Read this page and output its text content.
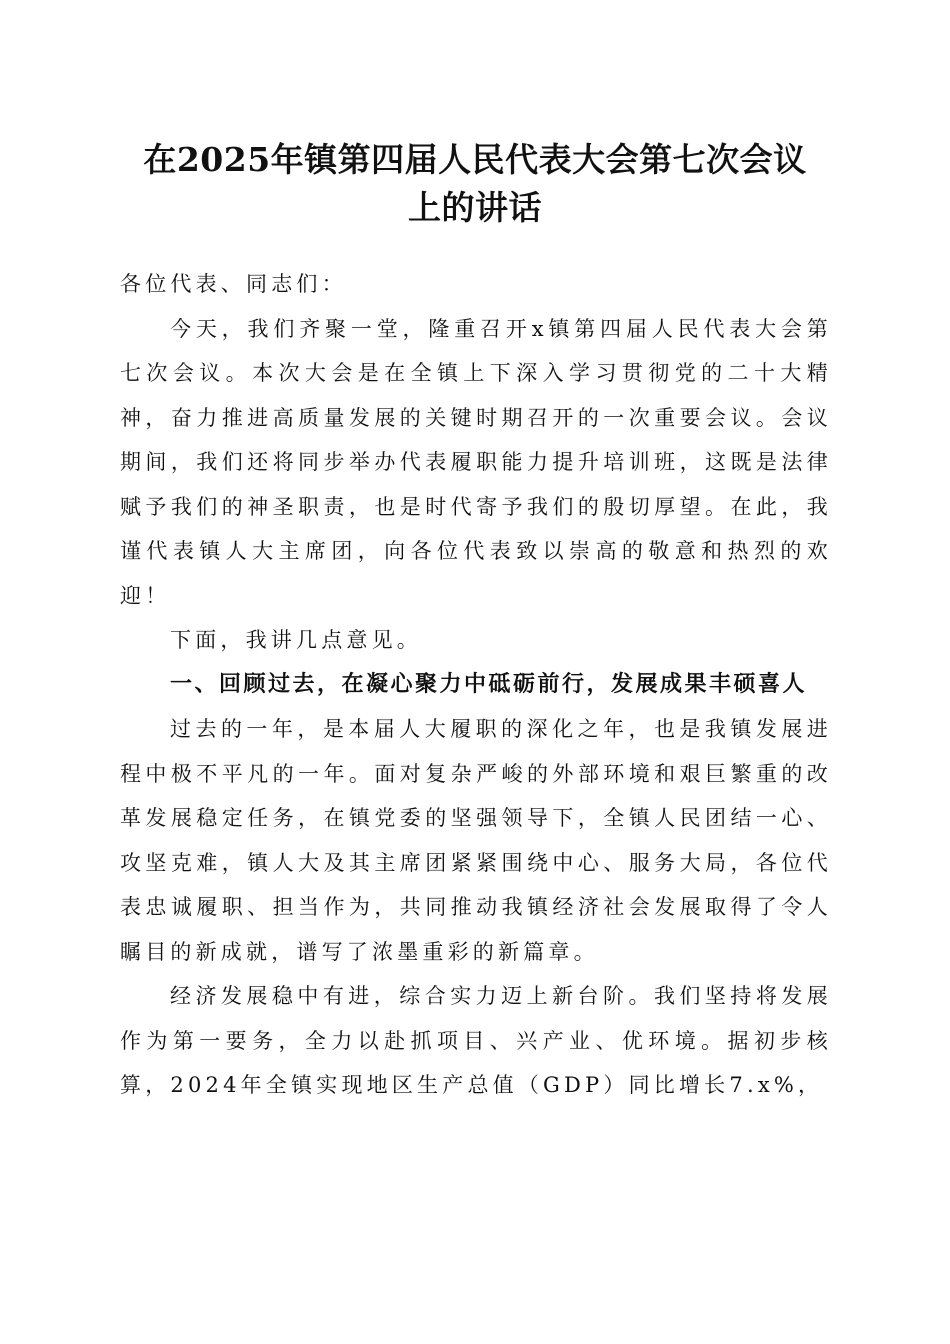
在2025年镇第四届人民代表大会第七次会议
上的讲话

各位代表、同志们：

今天，我们齐聚一堂，隆重召开x镇第四届人民代表大会第七次会议。本次大会是在全镇上下深入学习贯彻党的二十大精神，奋力推进高质量发展的关键时期召开的一次重要会议。会议期间，我们还将同步举办代表履职能力提升培训班，这既是法律赋予我们的神圣职责，也是时代寄予我们的殷切厚望。在此，我谨代表镇人大主席团，向各位代表致以崇高的敬意和热烈的欢迎！

下面，我讲几点意见。

一、回顾过去，在凝心聚力中砥砺前行，发展成果丰硕喜人

过去的一年，是本届人大履职的深化之年，也是我镇发展进程中极不平凡的一年。面对复杂严峻的外部环境和艰巨繁重的改革发展稳定任务，在镇党委的坚强领导下，全镇人民团结一心、攻坚克难，镇人大及其主席团紧紧围绕中心、服务大局，各位代表忠诚履职、担当作为，共同推动我镇经济社会发展取得了令人瞩目的新成就，谱写了浓墨重彩的新篇章。

经济发展稳中有进，综合实力迈上新台阶。我们坚持将发展作为第一要务，全力以赴抓项目、兴产业、优环境。据初步核算，2024年全镇实现地区生产总值（GDP）同比增长7.x%，
